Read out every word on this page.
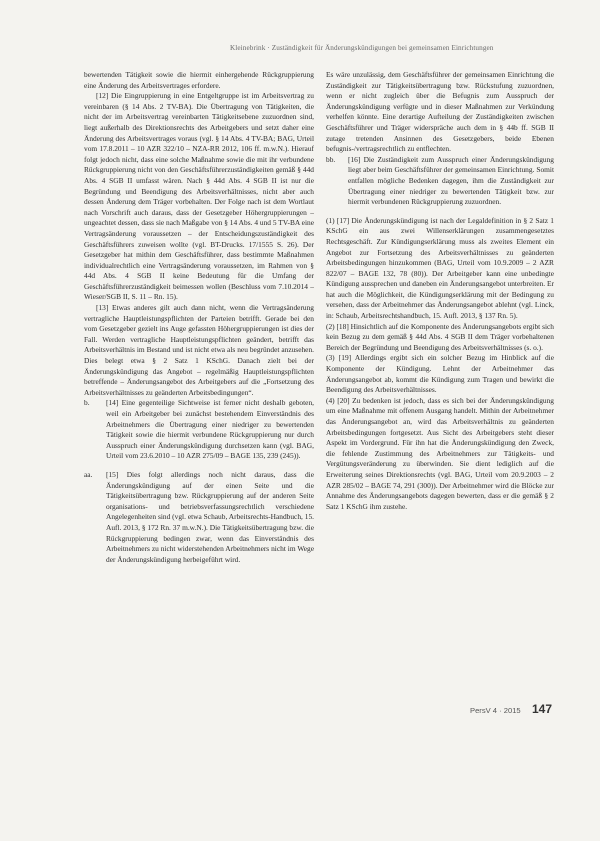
Kleinebrink · Zuständigkeit für Änderungskündigungen bei gemeinsamen Einrichtungen

bewertenden Tätigkeit sowie die hiermit einhergehende Rückgruppierung eine Änderung des Arbeitsvertrages erfordere.

[12] Die Eingruppierung in eine Entgeltgruppe ist im Arbeitsvertrag zu vereinbaren (§ 14 Abs. 2 TV-BA). Die Übertragung von Tätigkeiten, die nicht der im Arbeitsvertrag vereinbarten Tätigkeitsebene zuzuordnen sind, liegt außerhalb des Direktionsrechts des Arbeitgebers und setzt daher eine Änderung des Arbeitsvertrages voraus (vgl. § 14 Abs. 4 TV-BA; BAG, Urteil vom 17.8.2011 – 10 AZR 322/10 – NZA-RR 2012, 106 ff. m.w.N.). Hierauf folgt jedoch nicht, dass eine solche Maßnahme sowie die mit ihr verbundene Rückgruppierung nicht von den Geschäftsführerzuständigkeiten gemäß § 44d Abs. 4 SGB II umfasst wären. Nach § 44d Abs. 4 SGB II ist nur die Begründung und Beendigung des Arbeitsverhältnisses, nicht aber auch dessen Änderung dem Träger vorbehalten. Der Folge nach ist dem Wortlaut nach Vorschrift auch daraus, dass der Gesetzgeber Höhergruppierungen – ungeachtet dessen, dass sie nach Maßgabe von § 14 Abs. 4 und 5 TV-BA eine Vertragsänderung voraussetzen – der Entscheidungszuständigkeit des Geschäftsführers zuweisen wollte (vgl. BT-Drucks. 17/1555 S. 26). Der Gesetzgeber hat mithin dem Geschäftsführer, dass bestimmte Maßnahmen individualrechtlich eine Vertragsänderung voraussetzen, im Rahmen von § 44d Abs. 4 SGB II keine Bedeutung für die Umfang der Geschäftsführerzuständigkeit beimessen wollen (Beschluss vom 7.10.2014 – Wieser/SGB II, S. 11 – Rn. 15).

[13] Etwas anderes gilt auch dann nicht, wenn die Vertragsänderung vertragliche Hauptleistungspflichten der Parteien betrifft. Gerade bei den vom Gesetzgeber gezielt ins Auge gefassten Höhergruppierungen ist dies der Fall. Werden vertragliche Hauptleistungspflichten geändert, betrifft das Arbeitsverhältnis im Bestand und ist nicht etwa als neu begründet anzusehen. Dies belegt etwa § 2 Satz 1 KSchG. Danach zielt bei der Änderungskündigung das Angebot – regelmäßig Hauptleistungspflichten betreffende – Änderungsangebot des Arbeitgebers auf die „Fortsetzung des Arbeitsverhältnisses zu geänderten Arbeitsbedingungen“.

b. [14] Eine gegenteilige Sichtweise ist ferner nicht deshalb geboten, weil ein Arbeitgeber bei zunächst bestehendem Einverständnis des Arbeitnehmers die Übertragung einer niedriger zu bewertenden Tätigkeit sowie die hiermit verbundene Rückgruppierung nur durch Ausspruch einer Änderungskündigung durchsetzen kann (vgl. BAG, Urteil vom 23.6.2010 – 10 AZR 275/09 – BAGE 135, 239 (245)).

aa. [15] Dies folgt allerdings noch nicht daraus, dass die Änderungskündigung auf der einen Seite und die Tätigkeitsübertragung bzw. Rückgruppierung auf der anderen Seite organisations- und betriebsverfassungsrechtlich verschiedene Angelegenheiten sind (vgl. etwa Schaub, Arbeitsrechts-Handbuch, 15. Aufl. 2013, § 172 Rn. 37 m.w.N.). Die Tätigkeitsübertragung bzw. die Rückgruppierung bedingen zwar, wenn das Einverständnis des Arbeitnehmers zu nicht widerstehenden Arbeitnehmers nicht im Wege der Änderungskündigung herbeigeführt wird.

Es wäre unzulässig, dem Geschäftsführer der gemeinsamen Einrichtung die Zuständigkeit zur Tätigkeitsübertragung bzw. Rückstufung zuzuordnen, wenn er nicht zugleich über die Befugnis zum Ausspruch der Änderungskündigung verfügte und in dieser Maßnahmen zur Verkündung verhelfen könnte. Eine derartige Aufteilung der Zuständigkeiten zwischen Geschäftsführer und Träger widerspräche auch dem in § 44b ff. SGB II zutage tretenden Ansinnen des Gesetzgebers, beide Ebenen befugnis-/vertragsrechtlich zu entflechten.

bb. [16] Die Zuständigkeit zum Ausspruch einer Änderungskündigung liegt aber beim Geschäftsführer der gemeinsamen Einrichtung. Somit entfallen mögliche Bedenken dagegen, ihm die Zuständigkeit zur Übertragung einer niedriger zu bewertenden Tätigkeit bzw. zur hiermit verbundenen Rückgruppierung zuzuordnen.

(1) [17] Die Änderungskündigung ist nach der Legaldefinition in § 2 Satz 1 KSchG ein aus zwei Willenserklärungen zusammengesetztes Rechtsgeschäft. Zur Kündigungserklärung muss als zweites Element ein Angebot zur Fortsetzung des Arbeitsverhältnisses zu geänderten Arbeitsbedingungen hinzukommen (BAG, Urteil vom 10.9.2009 – 2 AZR 822/07 – BAGE 132, 78 (80)). Der Arbeitgeber kann eine unbedingte Kündigung aussprechen und daneben ein Änderungsangebot unterbreiten. Er hat auch die Möglichkeit, die Kündigungserklärung mit der Bedingung zu versehen, dass der Arbeitnehmer das Änderungsangebot ablehnt (vgl. Linck, in: Schaub, Arbeitsrechtshandbuch, 15. Aufl. 2013, § 137 Rn. 5).

(2) [18] Hinsichtlich auf die Komponente des Änderungsangebots ergibt sich kein Bezug zu dem gemäß § 44d Abs. 4 SGB II dem Träger vorbehaltenen Bereich der Begründung und Beendigung des Arbeitsverhältnisses (s. o.).

(3) [19] Allerdings ergibt sich ein solcher Bezug im Hinblick auf die Komponente der Kündigung. Lehnt der Arbeitnehmer das Änderungsangebot ab, kommt die Kündigung zum Tragen und bewirkt die Beendigung des Arbeitsverhältnisses.

(4) [20] Zu bedenken ist jedoch, dass es sich bei der Änderungskündigung um eine Maßnahme mit offenem Ausgang handelt. Mithin der Arbeitnehmer das Änderungsangebot an, wird das Arbeitsverhältnis zu geänderten Arbeitsbedingungen fortgesetzt. Aus Sicht des Arbeitgebers steht dieser Aspekt im Vordergrund. Für ihn hat die Änderungskündigung den Zweck, die fehlende Zustimmung des Arbeitnehmers zur Tätigkeits- und Vergütungsveränderung zu überwinden. Sie dient lediglich auf die Erweiterung seines Direktionsrechts (vgl. BAG, Urteil vom 20.9.2003 – 2 AZR 285/02 – BAGE 74, 291 (300)). Der Arbeitnehmer wird die Blöcke zur Annahme des Änderungsangebots dagegen bewerten, dass er die gemäß § 2 Satz 1 KSchG ihm zustehe.

PersV 4 · 2015 147
